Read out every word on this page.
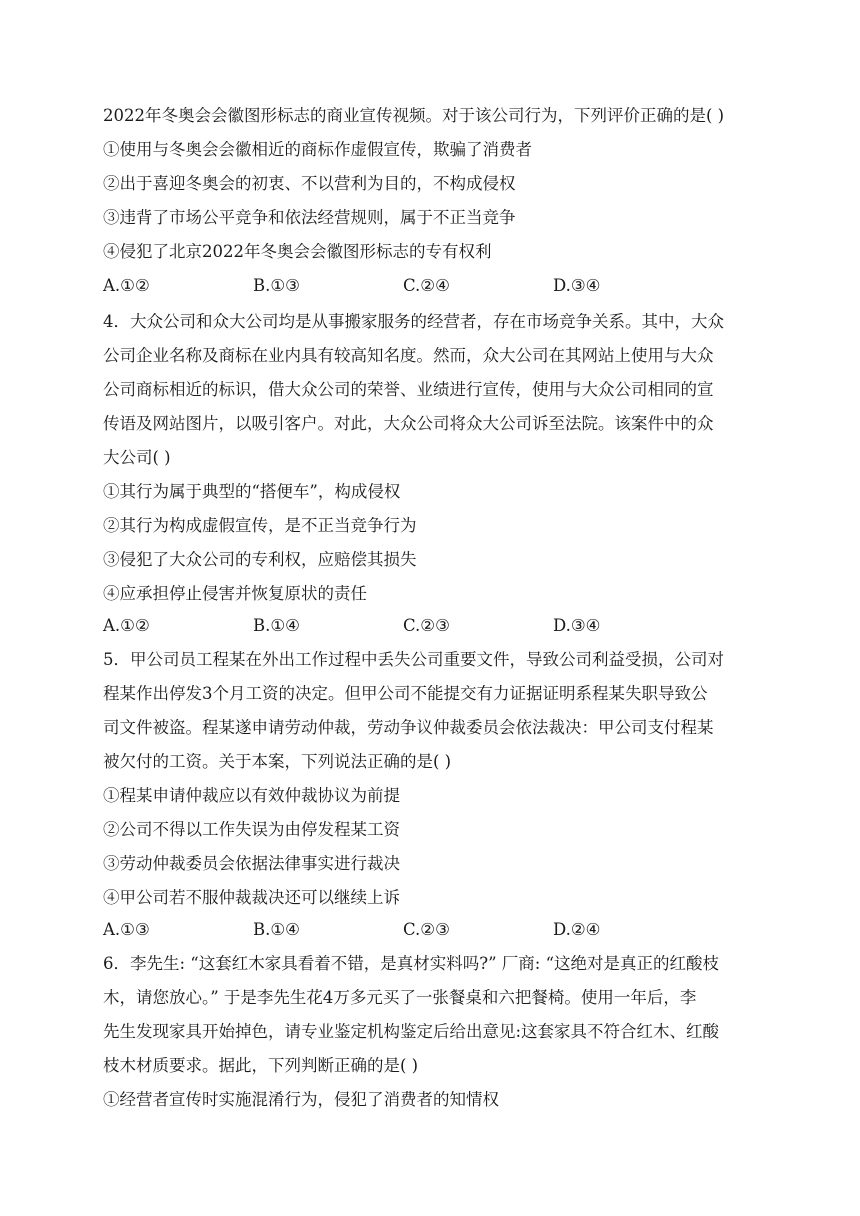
2022年冬奥会会徽图形标志的商业宣传视频。对于该公司行为，下列评价正确的是( )
①使用与冬奥会会徽相近的商标作虚假宣传，欺骗了消费者
②出于喜迎冬奥会的初衷、不以营利为目的，不构成侵权
③违背了市场公平竞争和依法经营规则，属于不正当竞争
④侵犯了北京2022年冬奥会会徽图形标志的专有权利
A.①②	B.①③	C.②④	D.③④
4．大众公司和众大公司均是从事搬家服务的经营者，存在市场竞争关系。其中，大众
公司企业名称及商标在业内具有较高知名度。然而，众大公司在其网站上使用与大众
公司商标相近的标识，借大众公司的荣誉、业绩进行宣传，使用与大众公司相同的宣
传语及网站图片，以吸引客户。对此，大众公司将众大公司诉至法院。该案件中的众
大公司( )
①其行为属于典型的“搭便车”，构成侵权
②其行为构成虚假宣传，是不正当竞争行为
③侵犯了大众公司的专利权，应赔偿其损失
④应承担停止侵害并恢复原状的责任
A.①②	B.①④	C.②③	D.③④
5．甲公司员工程某在外出工作过程中丢失公司重要文件，导致公司利益受损，公司对
程某作出停发3个月工资的决定。但甲公司不能提交有力证据证明系程某失职导致公
司文件被盗。程某遂申请劳动仲裁，劳动争议仲裁委员会依法裁决：甲公司支付程某
被欠付的工资。关于本案，下列说法正确的是( )
①程某申请仲裁应以有效仲裁协议为前提
②公司不得以工作失误为由停发程某工资
③劳动仲裁委员会依据法律事实进行裁决
④甲公司若不服仲裁裁决还可以继续上诉
A.①③	B.①④	C.②③	D.②④
6．李先生: “这套红木家具看着不错，是真材实料吗?” 厂商: “这绝对是真正的红酸枝
木，请您放心。” 于是李先生花4万多元买了一张餐桌和六把餐椅。使用一年后，李
先生发现家具开始掉色，请专业鉴定机构鉴定后给出意见:这套家具不符合红木、红酸
枝木材质要求。据此，下列判断正确的是( )
①经营者宣传时实施混淆行为，侵犯了消费者的知情权
